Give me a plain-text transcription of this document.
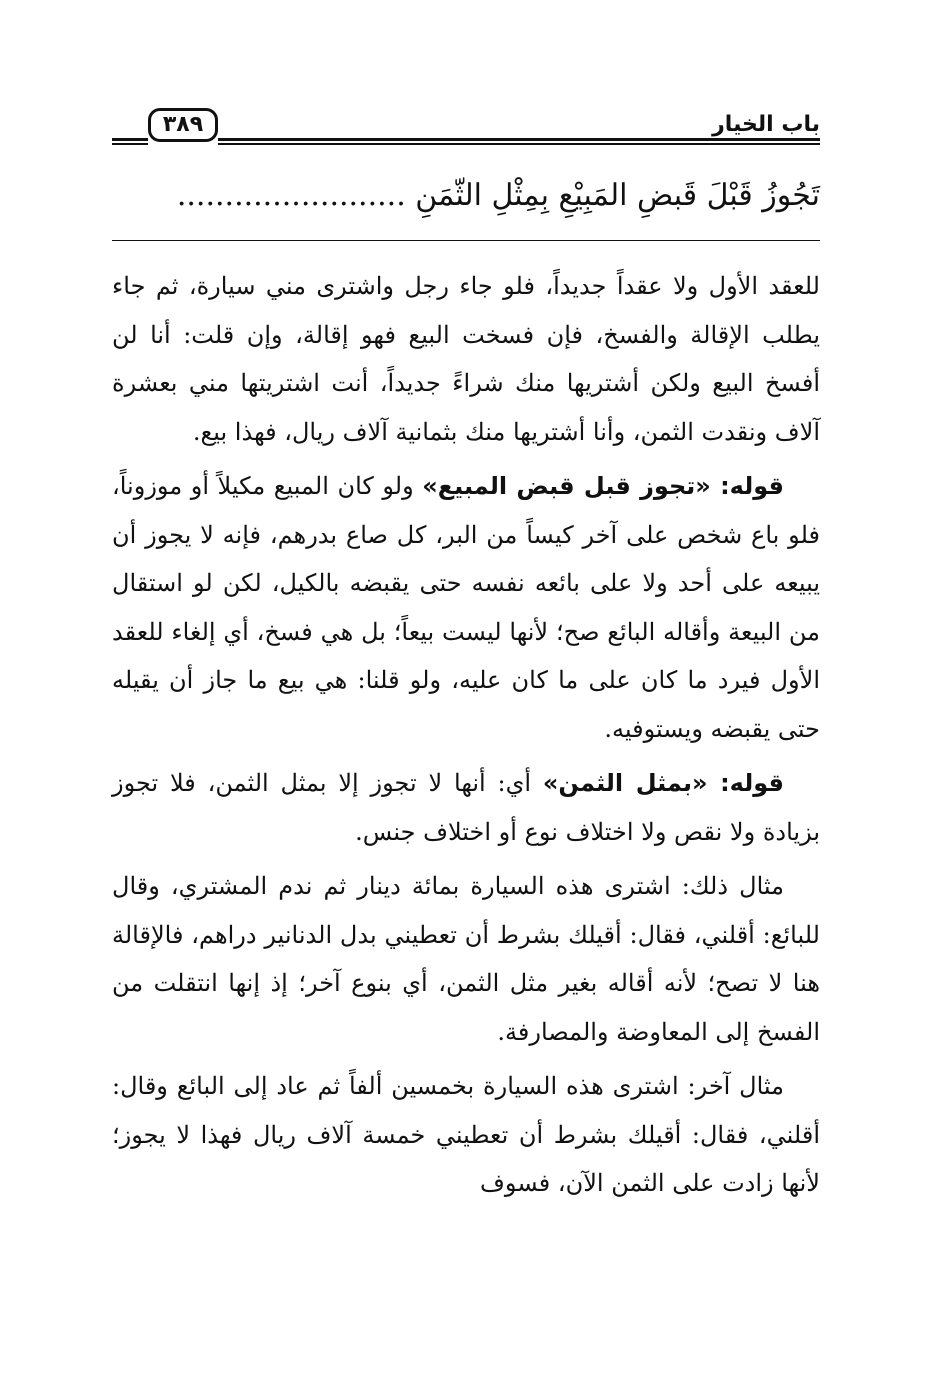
باب الخيار
٣٨٩
تَجُوزُ قَبْلَ قَبضِ المَبِيْعِ بِمِثْلِ الثّمَنِ ........................

للعقد الأول ولا عقداً جديداً، فلو جاء رجل واشترى مني سيارة، ثم جاء يطلب الإقالة والفسخ، فإن فسخت البيع فهو إقالة، وإن قلت: أنا لن أفسخ البيع ولكن أشتريها منك شراءً جديداً، أنت اشتريتها مني بعشرة آلاف ونقدت الثمن، وأنا أشتريها منك بثمانية آلاف ريال، فهذا بيع.

قوله: «تجوز قبل قبض المبيع» ولو كان المبيع مكيلاً أو موزوناً، فلو باع شخص على آخر كيساً من البر، كل صاع بدرهم، فإنه لا يجوز أن يبيعه على أحد ولا على بائعه نفسه حتى يقبضه بالكيل، لكن لو استقال من البيعة وأقاله البائع صح؛ لأنها ليست بيعاً؛ بل هي فسخ، أي إلغاء للعقد الأول فيرد ما كان على ما كان عليه، ولو قلنا: هي بيع ما جاز أن يقيله حتى يقبضه ويستوفيه.

قوله: «بمثل الثمن» أي: أنها لا تجوز إلا بمثل الثمن، فلا تجوز بزيادة ولا نقص ولا اختلاف نوع أو اختلاف جنس.

مثال ذلك: اشترى هذه السيارة بمائة دينار ثم ندم المشتري، وقال للبائع: أقلني، فقال: أقيلك بشرط أن تعطيني بدل الدنانير دراهم، فالإقالة هنا لا تصح؛ لأنه أقاله بغير مثل الثمن، أي بنوع آخر؛ إذ إنها انتقلت من الفسخ إلى المعاوضة والمصارفة.

مثال آخر: اشترى هذه السيارة بخمسين ألفاً ثم عاد إلى البائع وقال: أقلني، فقال: أقيلك بشرط أن تعطيني خمسة آلاف ريال فهذا لا يجوز؛ لأنها زادت على الثمن الآن، فسوف
